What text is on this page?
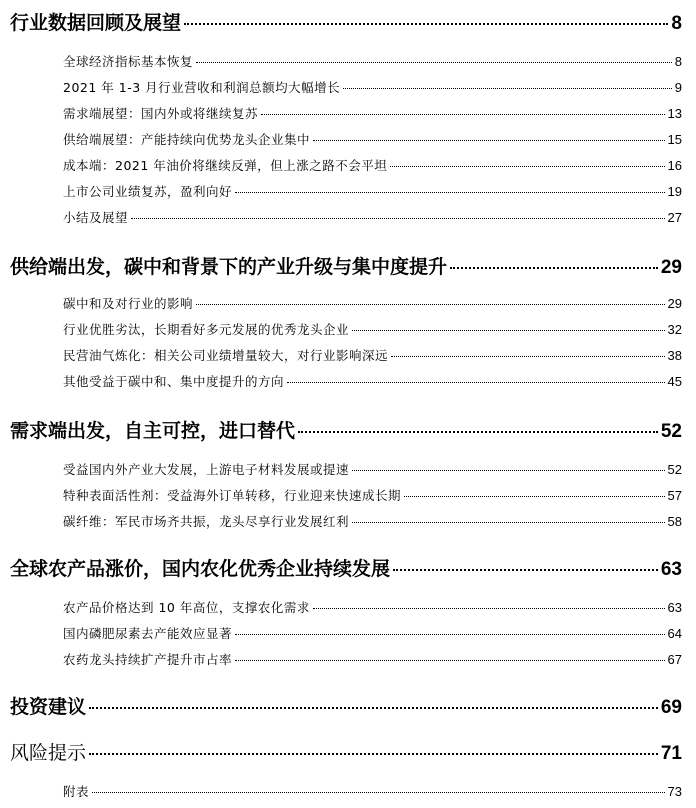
行业数据回顾及展望	8
全球经济指标基本恢复	8
2021 年 1-3 月行业营收和利润总额均大幅增长	9
需求端展望：国内外或将继续复苏	13
供给端展望：产能持续向优势龙头企业集中	15
成本端：2021 年油价将继续反弹，但上涨之路不会平坦	16
上市公司业绩复苏，盈利向好	19
小结及展望	27
供给端出发，碳中和背景下的产业升级与集中度提升	29
碳中和及对行业的影响	29
行业优胜劣汰，长期看好多元发展的优秀龙头企业	32
民营油气炼化：相关公司业绩增量较大，对行业影响深远	38
其他受益于碳中和、集中度提升的方向	45
需求端出发，自主可控，进口替代	52
受益国内外产业大发展，上游电子材料发展或提速	52
特种表面活性剂：受益海外订单转移，行业迎来快速成长期	57
碳纤维：军民市场齐共振，龙头尽享行业发展红利	58
全球农产品涨价，国内农化优秀企业持续发展	63
农产品价格达到 10 年高位，支撑农化需求	63
国内磷肥尿素去产能效应显著	64
农药龙头持续扩产提升市占率	67
投资建议	69
风险提示	71
附表	73
